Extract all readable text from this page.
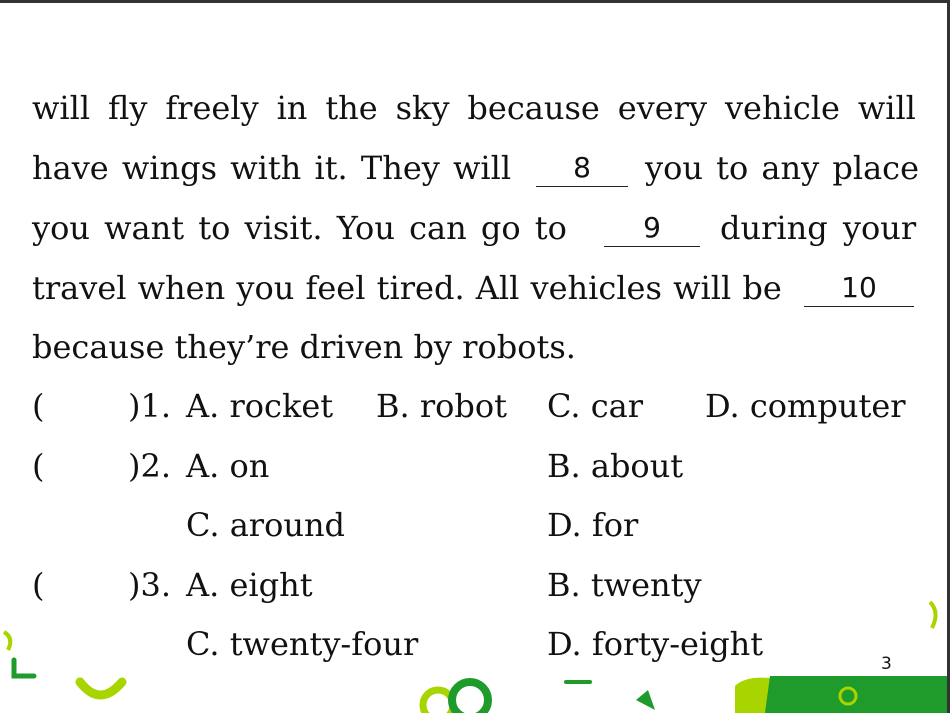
will fly freely in the sky because every vehicle will
have wings with it. They will	8	you to any place
you want to visit. You can go to	9	during your
travel when you feel tired. All vehicles will be	10
because they’re driven by robots.
(	)1. A. rocket B. robot C. car D. computer
(	)2. A. on	B. about
C. around	D. for
(	)3. A. eight	B. twenty
C. twenty-four	D. forty-eight
3
